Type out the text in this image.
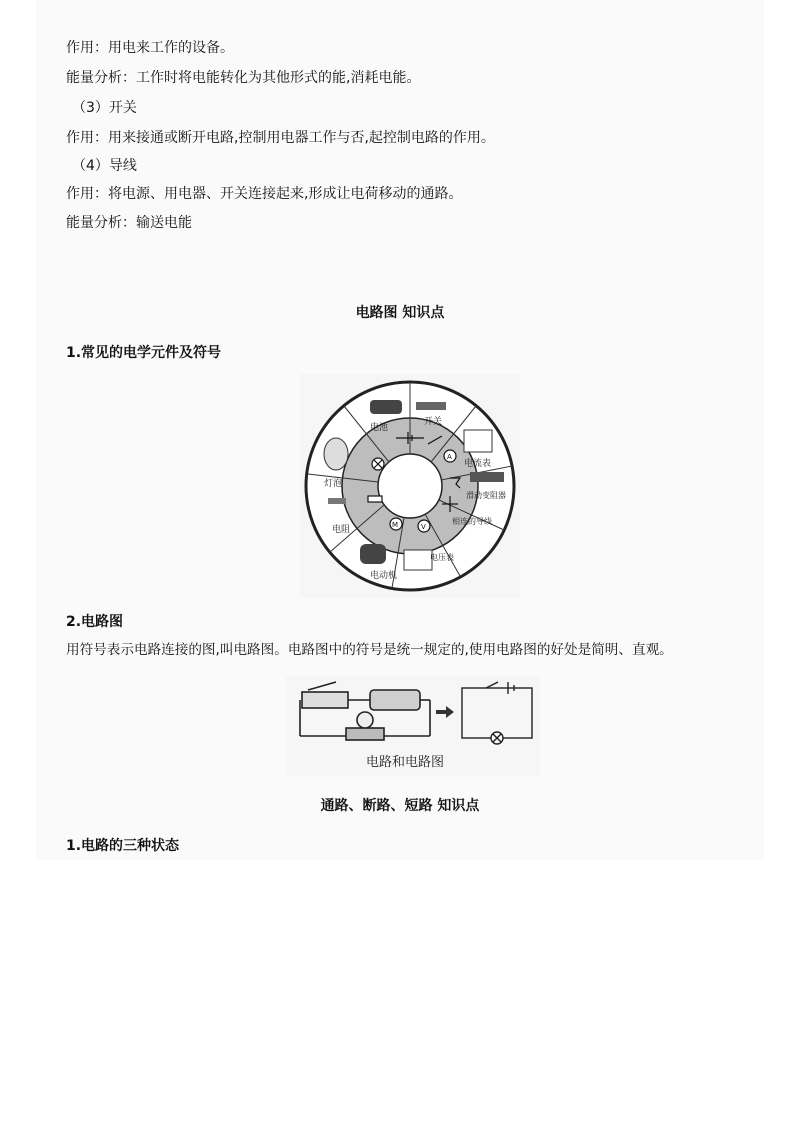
作用：用电来工作的设备。
能量分析：工作时将电能转化为其他形式的能,消耗电能。
（3）开关
作用：用来接通或断开电路,控制用电器工作与否,起控制电路的作用。
（4）导线
作用：将电源、用电器、开关连接起来,形成让电荷移动的通路。
能量分析：输送电能
电路图 知识点
1.常见的电学元件及符号
A
V
M
电池
开关
电流表
滑动变阻器
相连的导线
电压表
电动机
电阻
灯泡
2.电路图
用符号表示电路连接的图,叫电路图。电路图中的符号是统一规定的,使用电路图的好处是简明、直观。
电路和电路图
通路、断路、短路 知识点
1.电路的三种状态
